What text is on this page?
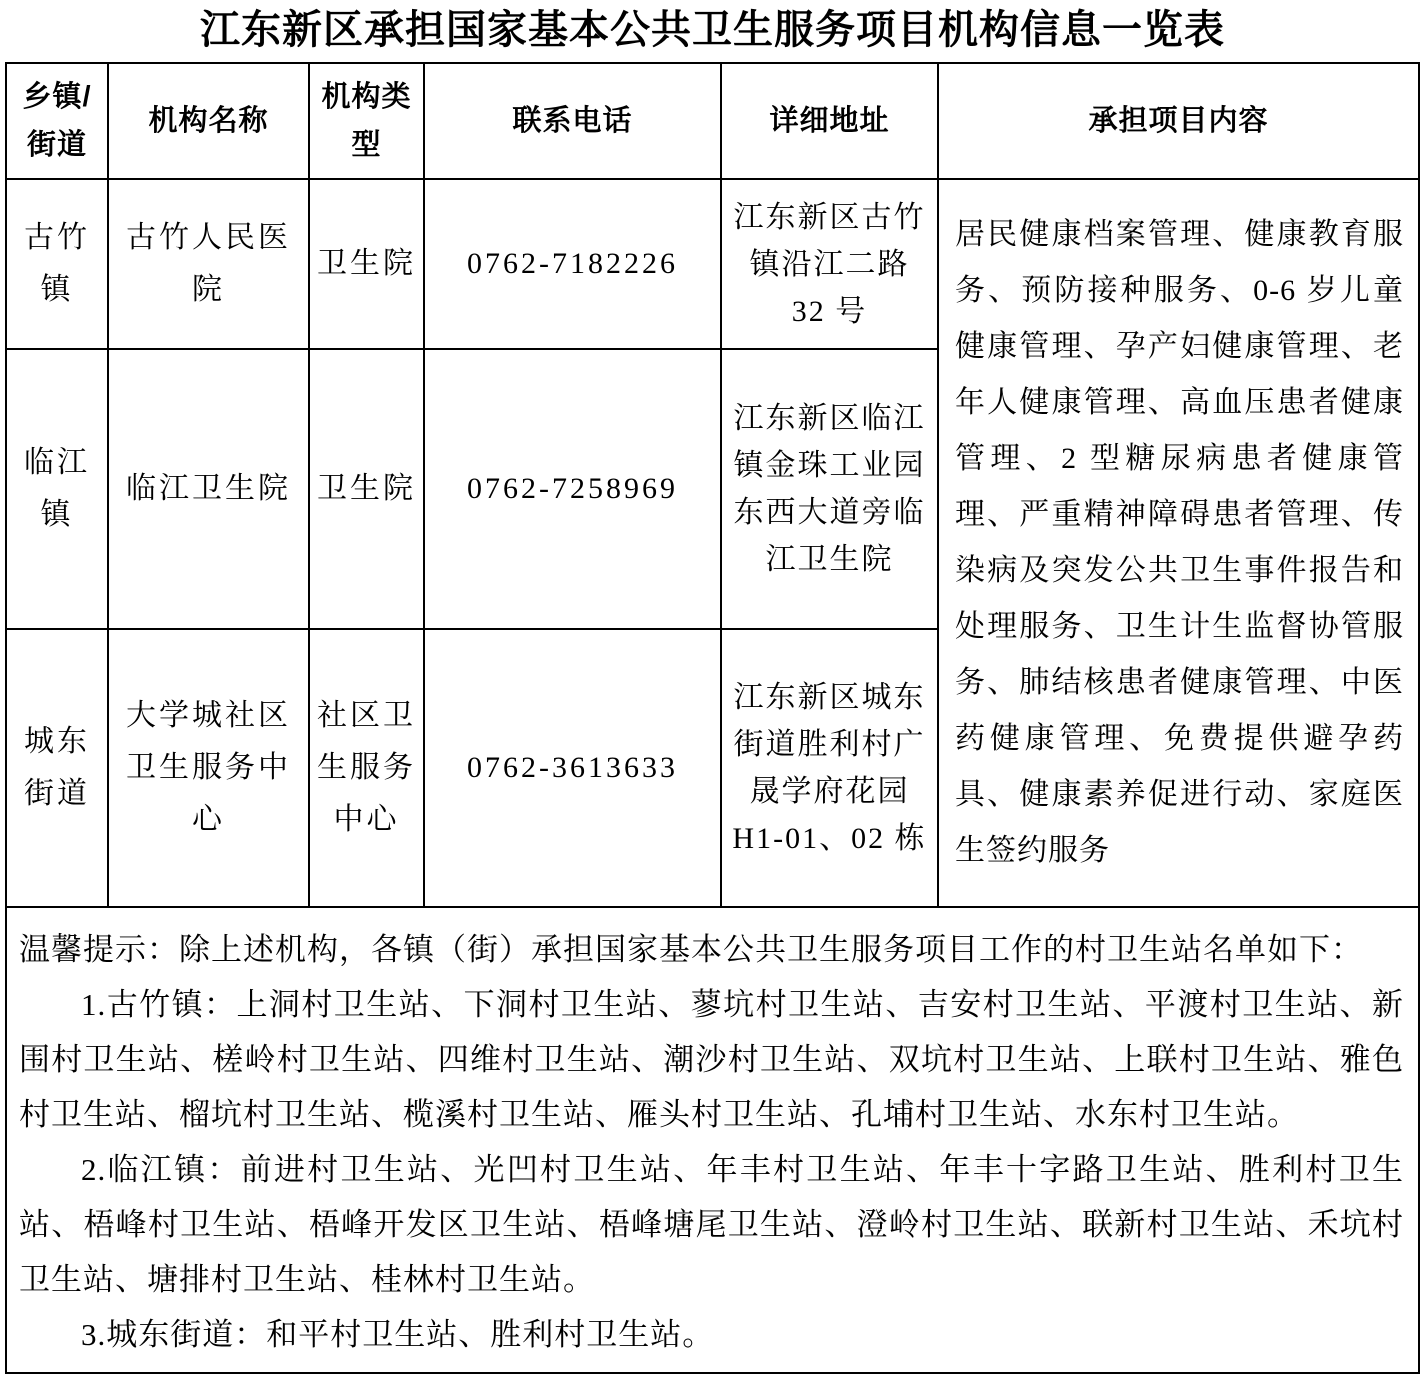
江东新区承担国家基本公共卫生服务项目机构信息一览表
乡镇/街道	机构名称	机构类型	联系电话	详细地址	承担项目内容
古竹镇	古竹人民医院	卫生院	0762-7182226	江东新区古竹镇沿江二路 32 号	居民健康档案管理、健康教育服务、预防接种服务、0-6 岁儿童健康管理、孕产妇健康管理、老年人健康管理、高血压患者健康管理、2 型糖尿病患者健康管理、严重精神障碍患者管理、传染病及突发公共卫生事件报告和处理服务、卫生计生监督协管服务、肺结核患者健康管理、中医药健康管理、免费提供避孕药具、健康素养促进行动、家庭医生签约服务
临江镇	临江卫生院	卫生院	0762-7258969	江东新区临江镇金珠工业园东西大道旁临江卫生院	
城东街道	大学城社区卫生服务中心	社区卫生服务中心	0762-3613633	江东新区城东街道胜利村广晟学府花园 H1-01、02 栋	

温馨提示：除上述机构，各镇（街）承担国家基本公共卫生服务项目工作的村卫生站名单如下：

1.古竹镇：上洞村卫生站、下洞村卫生站、蓼坑村卫生站、吉安村卫生站、平渡村卫生站、新围村卫生站、槎岭村卫生站、四维村卫生站、潮沙村卫生站、双坑村卫生站、上联村卫生站、雅色村卫生站、榴坑村卫生站、榄溪村卫生站、雁头村卫生站、孔埔村卫生站、水东村卫生站。

2.临江镇：前进村卫生站、光凹村卫生站、年丰村卫生站、年丰十字路卫生站、胜利村卫生站、梧峰村卫生站、梧峰开发区卫生站、梧峰塘尾卫生站、澄岭村卫生站、联新村卫生站、禾坑村卫生站、塘排村卫生站、桂林村卫生站。

3.城东街道：和平村卫生站、胜利村卫生站。					
